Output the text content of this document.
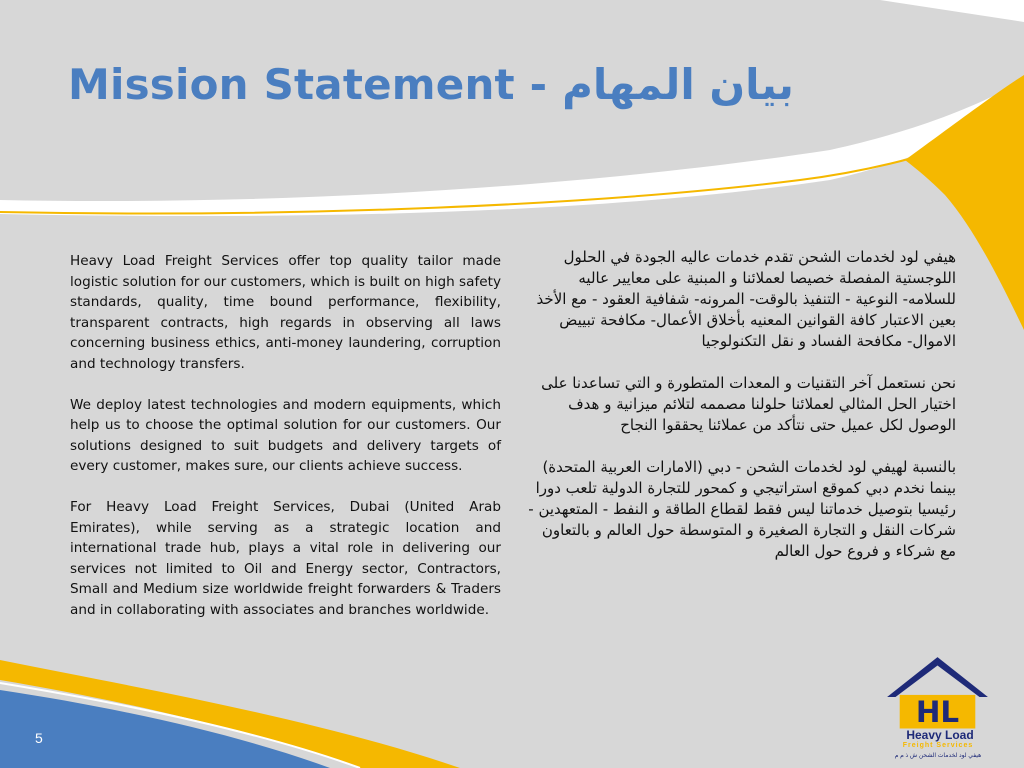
Mission Statement - بيان المهام

Heavy Load Freight Services offer top quality tailor made logistic solution for our customers, which is built on high safety standards, quality, time bound performance, flexibility, transparent contracts, high regards in observing all laws concerning business ethics, anti-money laundering, corruption and technology transfers.

We deploy latest technologies and modern equipments, which help us to choose the optimal solution for our customers. Our solutions designed to suit budgets and delivery targets of every customer, makes sure, our clients achieve success.

For Heavy Load Freight Services, Dubai (United Arab Emirates), while serving as a strategic location and international trade hub, plays a vital role in delivering our services not limited to Oil and Energy sector, Contractors, Small and Medium size worldwide freight forwarders & Traders and in collaborating with associates and branches worldwide.

هيفي لود لخدمات الشحن تقدم خدمات عاليه الجودة في الحلول اللوجستية المفصلة خصيصا لعملائنا و المبنية على معايير عاليه للسلامه- النوعية - التنفيذ بالوقت- المرونه- شفافية العقود - مع الأخذ بعين الاعتبار كافة القوانين المعنيه بأخلاق الأعمال- مكافحة تبييض الاموال- مكافحة الفساد و نقل التكنولوجيا

نحن نستعمل آخر التقنيات و المعدات المتطورة و التي تساعدنا على اختيار الحل المثالي لعملائنا حلولنا مصممه لتلائم ميزانية و هدف الوصول لكل عميل حتى نتأكد من عملائنا يحققوا النجاح

بالنسبة لهيفي لود لخدمات الشحن - دبي (الامارات العربية المتحدة) بينما نخدم دبي كموقع استراتيجي و كمحور للتجارة الدولية تلعب دورا رئيسيا بتوصيل خدماتنا ليس فقط لقطاع الطاقة و النفط - المتعهدين - شركات النقل و التجارة الصغيرة و المتوسطة حول العالم و بالتعاون مع شركاء و فروع حول العالم

5
HL
Heavy Load
Freight Services
هيفي لود لخدمات الشحن ش ذ م م
